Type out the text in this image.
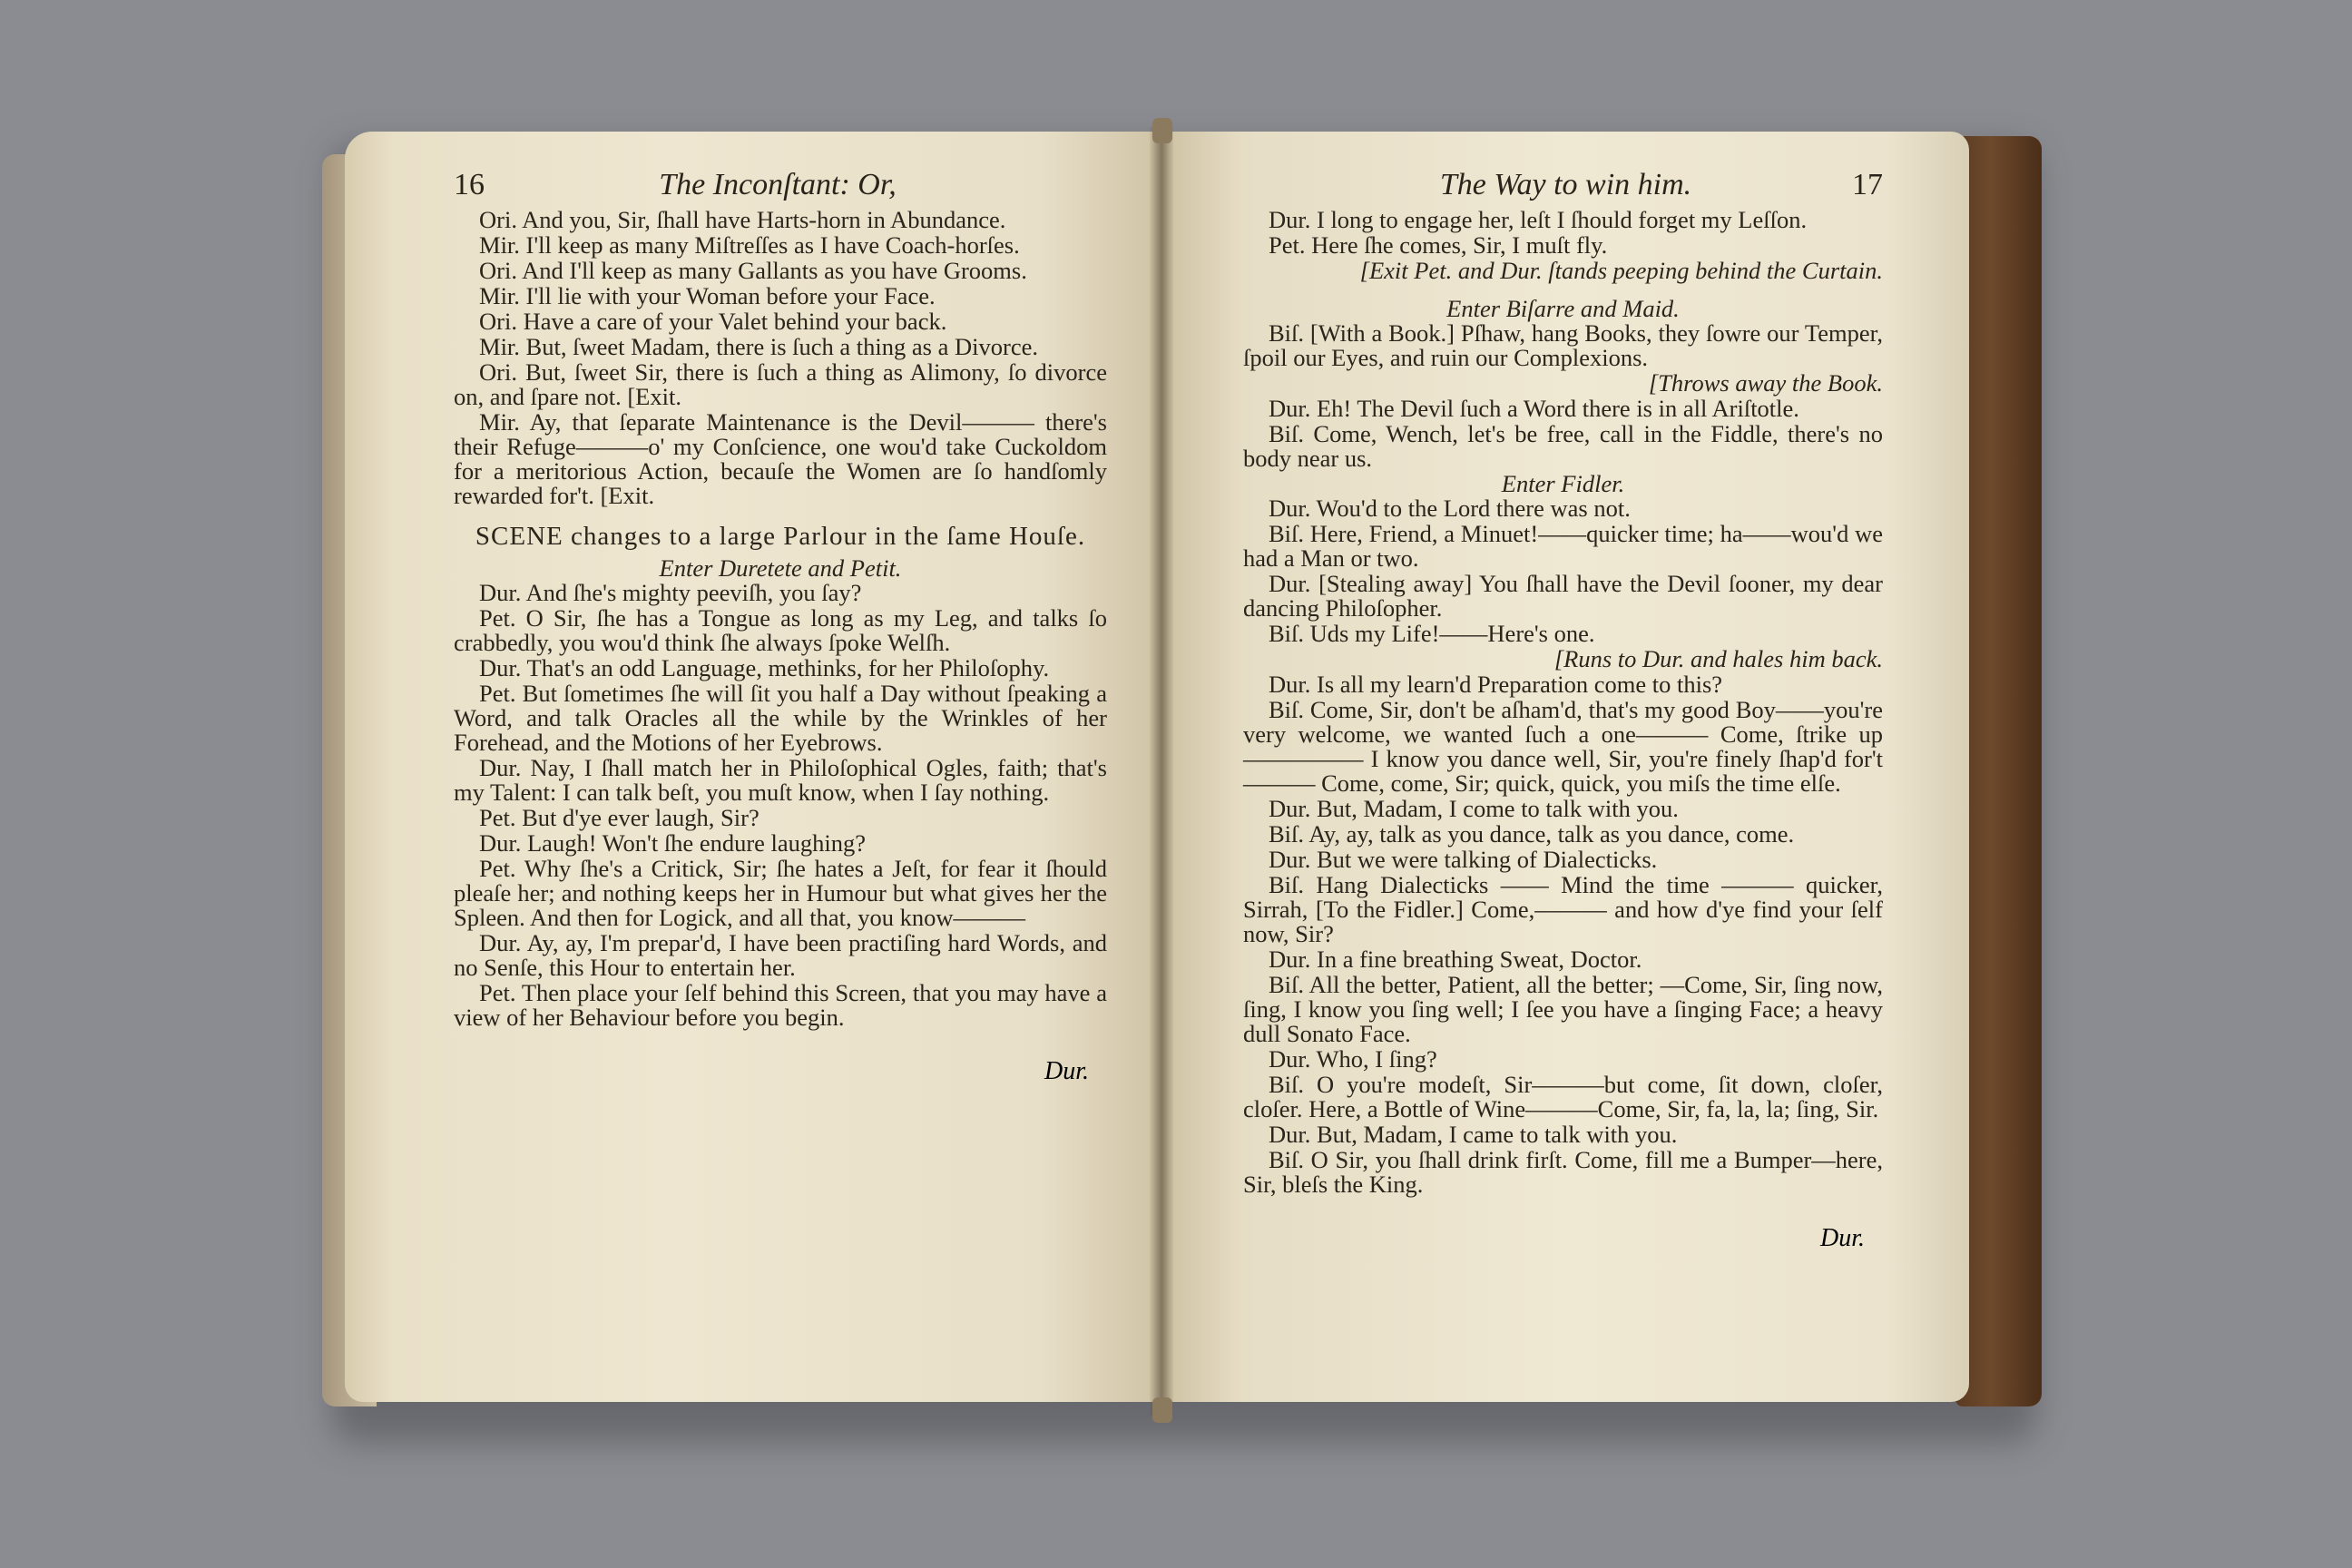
16	The Inconſtant: Or,
Ori. And you, Sir, ſhall have Harts-horn in Abundance.
Mir. I'll keep as many Miſtreſſes as I have Coach-horſes.
Ori. And I'll keep as many Gallants as you have Grooms.
Mir. I'll lie with your Woman before your Face.
Ori. Have a care of your Valet behind your back.
Mir. But, ſweet Madam, there is ſuch a thing as a Divorce.
Ori. But, ſweet Sir, there is ſuch a thing as Alimony, ſo divorce on, and ſpare not. [Exit.
Mir. Ay, that ſeparate Maintenance is the Devil——— there's their Refuge———o' my Conſcience, one wou'd take Cuckoldom for a meritorious Action, becauſe the Women are ſo handſomly rewarded for't. [Exit.
SCENE changes to a large Parlour in the ſame Houſe.
Enter Duretete and Petit.
Dur. And ſhe's mighty peeviſh, you ſay?
Pet. O Sir, ſhe has a Tongue as long as my Leg, and talks ſo crabbedly, you wou'd think ſhe always ſpoke Welſh.
Dur. That's an odd Language, methinks, for her Philoſophy.
Pet. But ſometimes ſhe will ſit you half a Day without ſpeaking a Word, and talk Oracles all the while by the Wrinkles of her Forehead, and the Motions of her Eyebrows.
Dur. Nay, I ſhall match her in Philoſophical Ogles, faith; that's my Talent: I can talk beſt, you muſt know, when I ſay nothing.
Pet. But d'ye ever laugh, Sir?
Dur. Laugh! Won't ſhe endure laughing?
Pet. Why ſhe's a Critick, Sir; ſhe hates a Jeſt, for fear it ſhould pleaſe her; and nothing keeps her in Humour but what gives her the Spleen. And then for Logick, and all that, you know———
Dur. Ay, ay, I'm prepar'd, I have been practiſing hard Words, and no Senſe, this Hour to entertain her.
Pet. Then place your ſelf behind this Screen, that you may have a view of her Behaviour before you begin.
Dur.
The Way to win him.	17
Dur. I long to engage her, leſt I ſhould forget my Leſſon.
Pet. Here ſhe comes, Sir, I muſt fly.
[Exit Pet. and Dur. ſtands peeping behind the Curtain.
Enter Biſarre and Maid.
Biſ. [With a Book.] Pſhaw, hang Books, they ſowre our Temper, ſpoil our Eyes, and ruin our Complexions.
[Throws away the Book.
Dur. Eh! The Devil ſuch a Word there is in all Ariſtotle.
Biſ. Come, Wench, let's be free, call in the Fiddle, there's no body near us.
Enter Fidler.
Dur. Wou'd to the Lord there was not.
Biſ. Here, Friend, a Minuet!——quicker time; ha——wou'd we had a Man or two.
Dur. [Stealing away] You ſhall have the Devil ſooner, my dear dancing Philoſopher.
Biſ. Uds my Life!——Here's one.
[Runs to Dur. and hales him back.
Dur. Is all my learn'd Preparation come to this?
Biſ. Come, Sir, don't be aſham'd, that's my good Boy——you're very welcome, we wanted ſuch a one——— Come, ſtrike up————— I know you dance well, Sir, you're finely ſhap'd for't——— Come, come, Sir; quick, quick, you miſs the time elſe.
Dur. But, Madam, I come to talk with you.
Biſ. Ay, ay, talk as you dance, talk as you dance, come.
Dur. But we were talking of Dialecticks.
Biſ. Hang Dialecticks —— Mind the time ——— quicker, Sirrah, [To the Fidler.] Come,——— and how d'ye find your ſelf now, Sir?
Dur. In a fine breathing Sweat, Doctor.
Biſ. All the better, Patient, all the better; —Come, Sir, ſing now, ſing, I know you ſing well; I ſee you have a ſinging Face; a heavy dull Sonato Face.
Dur. Who, I ſing?
Biſ. O you're modeſt, Sir———but come, ſit down, cloſer, cloſer. Here, a Bottle of Wine———Come, Sir, fa, la, la; ſing, Sir.
Dur. But, Madam, I came to talk with you.
Biſ. O Sir, you ſhall drink firſt. Come, fill me a Bumper—here, Sir, bleſs the King.
Dur.
